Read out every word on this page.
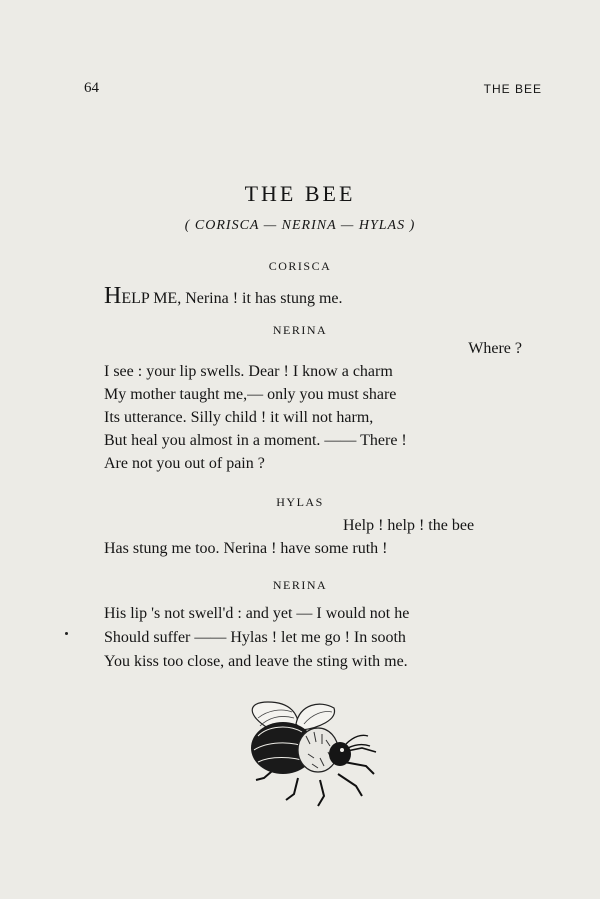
64	THE BEE
THE BEE
( CORISCA — NERINA — HYLAS )
CORISCA
HELP ME, Nerina ! it has stung me.
NERINA
Where ?
I see : your lip swells. Dear ! I know a charm
My mother taught me,— only you must share
Its utterance. Silly child ! it will not harm,
But heal you almost in a moment. —— There !
Are not you out of pain ?
HYLAS
Help ! help ! the bee
Has stung me too. Nerina ! have some ruth !
NERINA
His lip 's not swell'd : and yet — I would not he
Should suffer —— Hylas ! let me go ! In sooth
You kiss too close, and leave the sting with me.
